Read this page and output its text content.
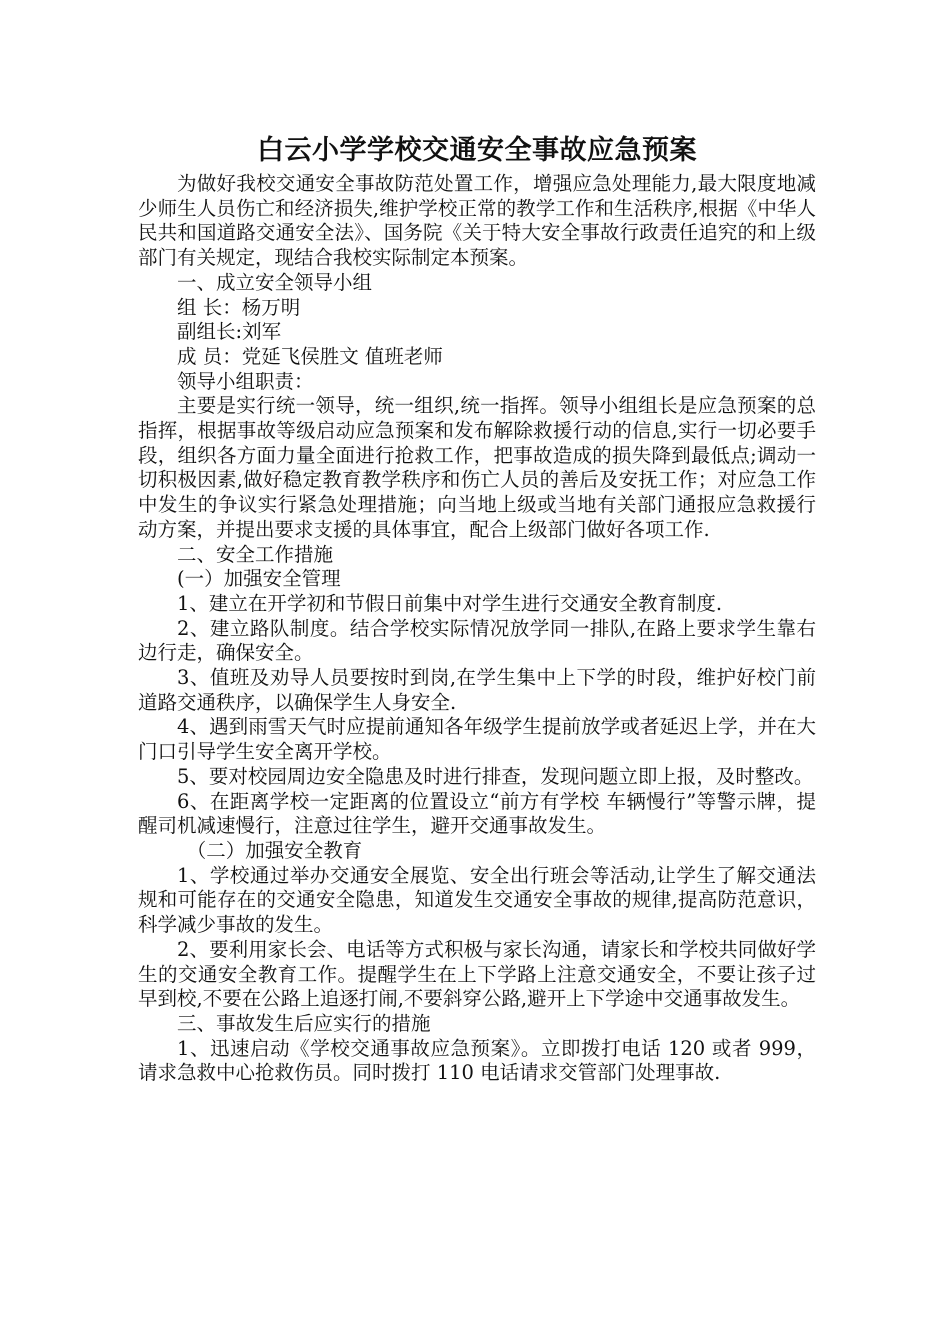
白云小学学校交通安全事故应急预案

为做好我校交通安全事故防范处置工作，增强应急处理能力,最大限度地减少师生人员伤亡和经济损失,维护学校正常的教学工作和生活秩序,根据《中华人民共和国道路交通安全法》、国务院《关于特大安全事故行政责任追究的和上级部门有关规定，现结合我校实际制定本预案。

一、成立安全领导小组

组 长：杨万明

副组长:刘军

成 员：党延飞侯胜文 值班老师

领导小组职责：

主要是实行统一领导，统一组织,统一指挥。领导小组组长是应急预案的总指挥，根据事故等级启动应急预案和发布解除救援行动的信息,实行一切必要手段，组织各方面力量全面进行抢救工作，把事故造成的损失降到最低点;调动一切积极因素,做好稳定教育教学秩序和伤亡人员的善后及安抚工作；对应急工作中发生的争议实行紧急处理措施；向当地上级或当地有关部门通报应急救援行动方案，并提出要求支援的具体事宜，配合上级部门做好各项工作.

二、安全工作措施

(一）加强安全管理

1、建立在开学初和节假日前集中对学生进行交通安全教育制度.

2、建立路队制度。结合学校实际情况放学同一排队,在路上要求学生靠右边行走，确保安全。

3、值班及劝导人员要按时到岗,在学生集中上下学的时段，维护好校门前道路交通秩序，以确保学生人身安全.

4、遇到雨雪天气时应提前通知各年级学生提前放学或者延迟上学，并在大门口引导学生安全离开学校。

5、要对校园周边安全隐患及时进行排查，发现问题立即上报，及时整改。

6、在距离学校一定距离的位置设立“前方有学校 车辆慢行”等警示牌，提醒司机减速慢行，注意过往学生，避开交通事故发生。

（二）加强安全教育

1、学校通过举办交通安全展览、安全出行班会等活动,让学生了解交通法规和可能存在的交通安全隐患，知道发生交通安全事故的规律,提高防范意识，科学减少事故的发生。

2、要利用家长会、电话等方式积极与家长沟通，请家长和学校共同做好学生的交通安全教育工作。提醒学生在上下学路上注意交通安全，不要让孩子过早到校,不要在公路上追逐打闹,不要斜穿公路,避开上下学途中交通事故发生。

三、事故发生后应实行的措施

1、迅速启动《学校交通事故应急预案》。立即拨打电话 120 或者 999，请求急救中心抢救伤员。同时拨打 110 电话请求交管部门处理事故.
